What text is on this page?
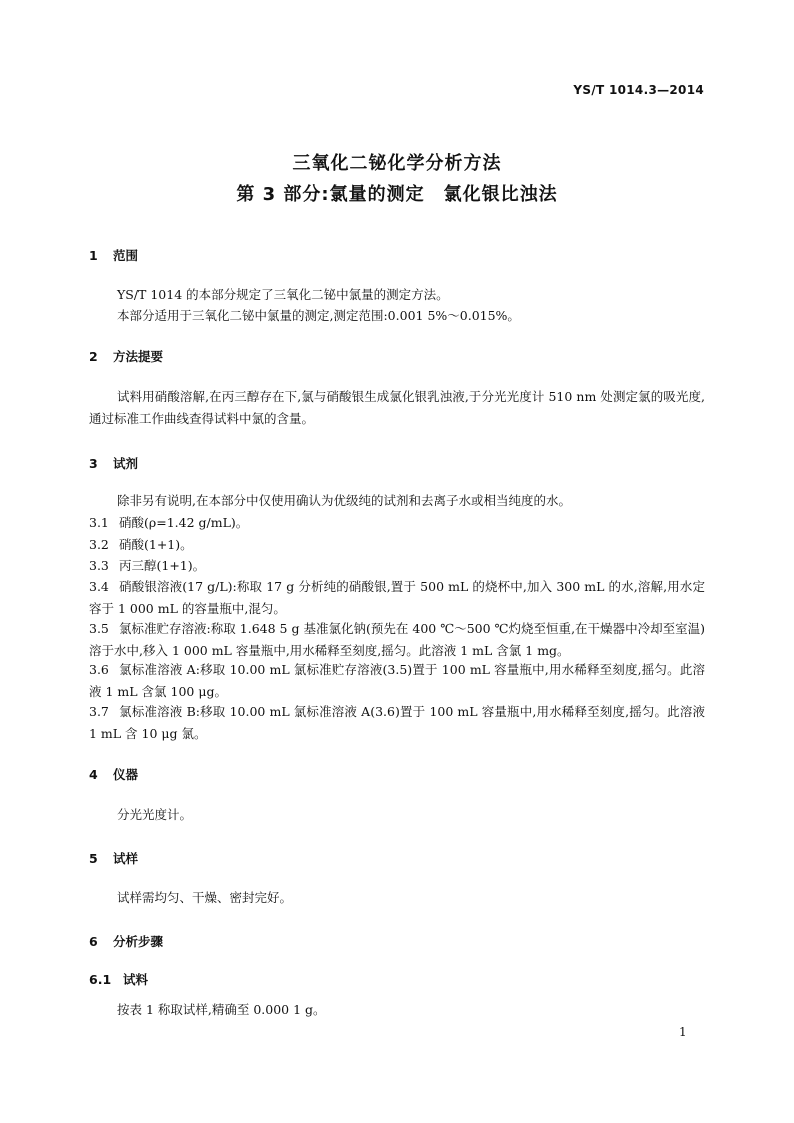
YS/T 1014.3—2014
三氧化二铋化学分析方法
第 3 部分:氯量的测定　氯化银比浊法
1 范围

YS/T 1014 的本部分规定了三氧化二铋中氯量的测定方法。

本部分适用于三氧化二铋中氯量的测定,测定范围:0.001 5%～0.015%。

2 方法提要

试料用硝酸溶解,在丙三醇存在下,氯与硝酸银生成氯化银乳浊液,于分光光度计 510 nm 处测定氯的吸光度,通过标准工作曲线查得试料中氯的含量。

3 试剂

除非另有说明,在本部分中仅使用确认为优级纯的试剂和去离子水或相当纯度的水。

3.1 硝酸(ρ=1.42 g/mL)。

3.2 硝酸(1+1)。

3.3 丙三醇(1+1)。

3.4 硝酸银溶液(17 g/L):称取 17 g 分析纯的硝酸银,置于 500 mL 的烧杯中,加入 300 mL 的水,溶解,用水定容于 1 000 mL 的容量瓶中,混匀。

3.5 氯标准贮存溶液:称取 1.648 5 g 基准氯化钠(预先在 400 ℃～500 ℃灼烧至恒重,在干燥器中冷却至室温)溶于水中,移入 1 000 mL 容量瓶中,用水稀释至刻度,摇匀。此溶液 1 mL 含氯 1 mg。

3.6 氯标准溶液 A:移取 10.00 mL 氯标准贮存溶液(3.5)置于 100 mL 容量瓶中,用水稀释至刻度,摇匀。此溶液 1 mL 含氯 100 μg。

3.7 氯标准溶液 B:移取 10.00 mL 氯标准溶液 A(3.6)置于 100 mL 容量瓶中,用水稀释至刻度,摇匀。此溶液 1 mL 含 10 μg 氯。

4 仪器

分光光度计。

5 试样

试样需均匀、干燥、密封完好。

6 分析步骤
6.1 试料

按表 1 称取试样,精确至 0.000 1 g。

1
